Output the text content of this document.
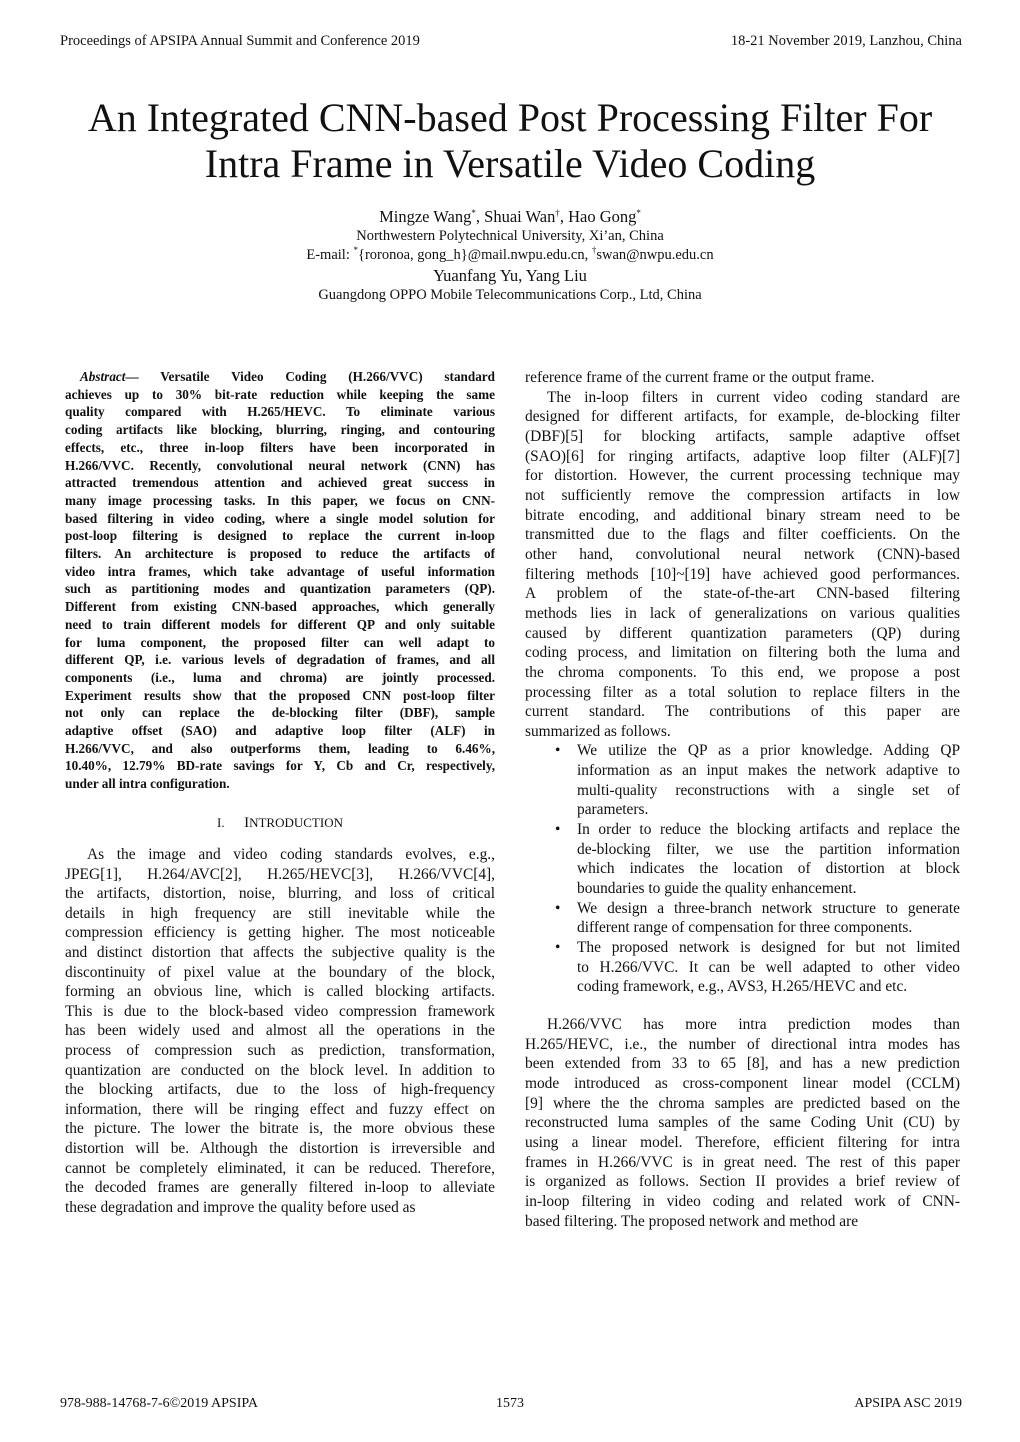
Proceedings of APSIPA Annual Summit and Conference 2019	18-21 November 2019, Lanzhou, China
An Integrated CNN-based Post Processing Filter For
Intra Frame in Versatile Video Coding
Mingze Wang*, Shuai Wan†, Hao Gong*
Northwestern Polytechnical University, Xi’an, China
E-mail: *{roronoa, gong_h}@mail.nwpu.edu.cn, †swan@nwpu.edu.cn
Yuanfang Yu, Yang Liu
Guangdong OPPO Mobile Telecommunications Corp., Ltd, China
Abstract— Versatile Video Coding (H.266/VVC) standard
achieves up to 30% bit-rate reduction while keeping the same
quality compared with H.265/HEVC. To eliminate various
coding artifacts like blocking, blurring, ringing, and contouring
effects, etc., three in-loop filters have been incorporated in
H.266/VVC. Recently, convolutional neural network (CNN) has
attracted tremendous attention and achieved great success in
many image processing tasks. In this paper, we focus on CNN-
based filtering in video coding, where a single model solution for
post-loop filtering is designed to replace the current in-loop
filters. An architecture is proposed to reduce the artifacts of
video intra frames, which take advantage of useful information
such as partitioning modes and quantization parameters (QP).
Different from existing CNN-based approaches, which generally
need to train different models for different QP and only suitable
for luma component, the proposed filter can well adapt to
different QP, i.e. various levels of degradation of frames, and all
components (i.e., luma and chroma) are jointly processed.
Experiment results show that the proposed CNN post-loop filter
not only can replace the de-blocking filter (DBF), sample
adaptive offset (SAO) and adaptive loop filter (ALF) in
H.266/VVC, and also outperforms them, leading to 6.46%,
10.40%, 12.79% BD-rate savings for Y, Cb and Cr, respectively,
under all intra configuration.
I. INTRODUCTION
As the image and video coding standards evolves, e.g.,
JPEG[1], H.264/AVC[2], H.265/HEVC[3], H.266/VVC[4],
the artifacts, distortion, noise, blurring, and loss of critical
details in high frequency are still inevitable while the
compression efficiency is getting higher. The most noticeable
and distinct distortion that affects the subjective quality is the
discontinuity of pixel value at the boundary of the block,
forming an obvious line, which is called blocking artifacts.
This is due to the block-based video compression framework
has been widely used and almost all the operations in the
process of compression such as prediction, transformation,
quantization are conducted on the block level. In addition to
the blocking artifacts, due to the loss of high-frequency
information, there will be ringing effect and fuzzy effect on
the picture. The lower the bitrate is, the more obvious these
distortion will be. Although the distortion is irreversible and
cannot be completely eliminated, it can be reduced. Therefore,
the decoded frames are generally filtered in-loop to alleviate
these degradation and improve the quality before used as
reference frame of the current frame or the output frame.
The in-loop filters in current video coding standard are
designed for different artifacts, for example, de-blocking filter
(DBF)[5] for blocking artifacts, sample adaptive offset
(SAO)[6] for ringing artifacts, adaptive loop filter (ALF)[7]
for distortion. However, the current processing technique may
not sufficiently remove the compression artifacts in low
bitrate encoding, and additional binary stream need to be
transmitted due to the flags and filter coefficients. On the
other hand, convolutional neural network (CNN)-based
filtering methods [10]~[19] have achieved good performances.
A problem of the state-of-the-art CNN-based filtering
methods lies in lack of generalizations on various qualities
caused by different quantization parameters (QP) during
coding process, and limitation on filtering both the luma and
the chroma components. To this end, we propose a post
processing filter as a total solution to replace filters in the
current standard. The contributions of this paper are
summarized as follows.
• We utilize the QP as a prior knowledge. Adding QP
information as an input makes the network adaptive to
multi-quality reconstructions with a single set of
parameters.
• In order to reduce the blocking artifacts and replace the
de-blocking filter, we use the partition information
which indicates the location of distortion at block
boundaries to guide the quality enhancement.
• We design a three-branch network structure to generate
different range of compensation for three components.
• The proposed network is designed for but not limited
to H.266/VVC. It can be well adapted to other video
coding framework, e.g., AVS3, H.265/HEVC and etc.
H.266/VVC has more intra prediction modes than
H.265/HEVC, i.e., the number of directional intra modes has
been extended from 33 to 65 [8], and has a new prediction
mode introduced as cross-component linear model (CCLM)
[9] where the the chroma samples are predicted based on the
reconstructed luma samples of the same Coding Unit (CU) by
using a linear model. Therefore, efficient filtering for intra
frames in H.266/VVC is in great need. The rest of this paper
is organized as follows. Section II provides a brief review of
in-loop filtering in video coding and related work of CNN-
based filtering. The proposed network and method are
978-988-14768-7-6©2019 APSIPA	1573	APSIPA ASC 2019
